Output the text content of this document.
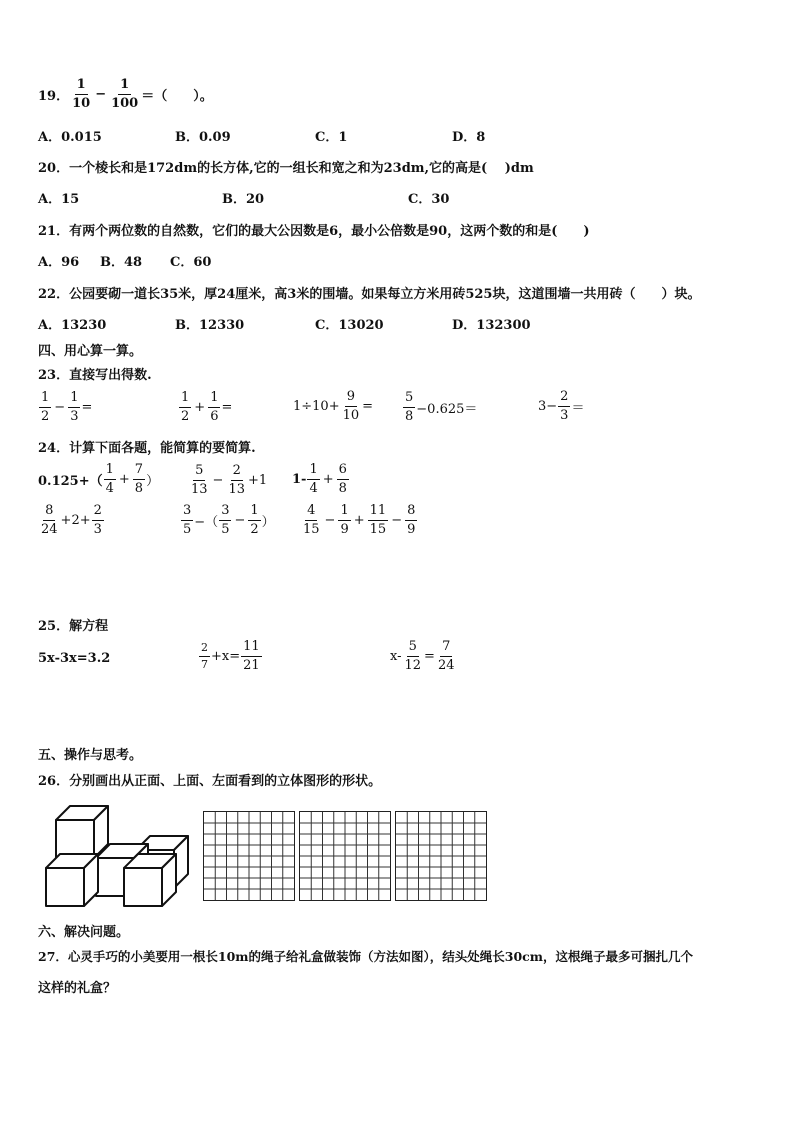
19． $\frac{1}{10} - \frac{1}{100}$ ＝（　　）。
A．0.015	B．0.09	C．1	D．8
20．一个棱长和是172dm的长方体,它的一组长和宽之和为23dm,它的高是(　 )dm
A．15	B．20	C．30
21．有两个两位数的自然数，它们的最大公因数是6，最小公倍数是90，这两个数的和是(　　)
A．96 B．48 C．60
22．公园要砌一道长35米，厚24厘米，高3米的围墙。如果每立方米用砖525块，这道围墙一共用砖（　　）块。
A．13230	B．12330	C．13020	D．132300
四、用心算一算。
23．直接写出得数.
$\frac{1}{2} - \frac{1}{3}$ =	$\frac{1}{2} + \frac{1}{6}$ =	$1\div 10+ \frac{9}{10} = \frac{5}{8} -0.625=$	$3- \frac{2}{3}$ ＝
24．计算下面各题，能简算的要简算.
$0.125+( \frac{1}{4} + \frac{7}{8}$ ） $\frac{5}{13} - \frac{2}{13} +1$ $1- \frac{1}{4} + \frac{6}{8}$
$\frac{8}{24} +2+ \frac{2}{3}$	$\frac{3}{5}$ −（ $\frac{3}{5} - \frac{1}{2}$ ） $\frac{4}{15} - \frac{1}{9} + \frac{11}{15} - \frac{8}{9}$
25．解方程
5x-3x=3.2	$\frac{2}{7} +x= \frac{11}{21}$	$x- \frac{5}{12} = \frac{7}{24}$
五、操作与思考。
26．分别画出从正面、上面、左面看到的立体图形的形状。
六、解决问题。
27．心灵手巧的小美要用一根长10m的绳子给礼盒做装饰（方法如图），结头处绳长30cm，这根绳子最多可捆扎几个
这样的礼盒？
